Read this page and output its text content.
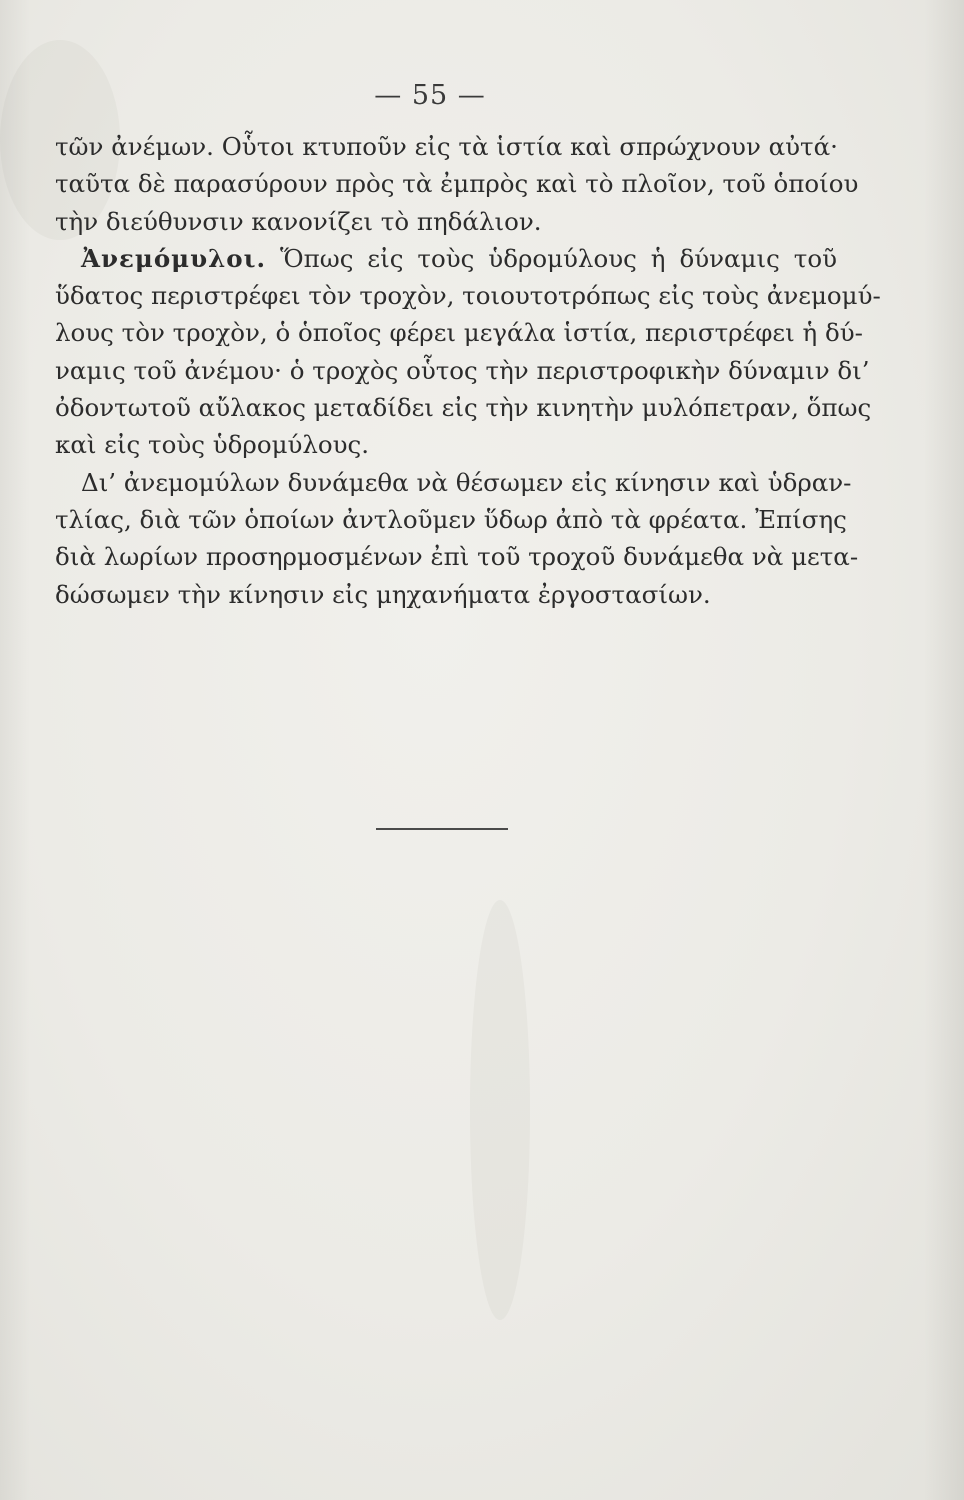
— 55 —
τῶν ἀνέμων. Οὗτοι κτυποῦν εἰς τὰ ἱστία καὶ σπρώχνουν αὐτά·
ταῦτα δὲ παρασύρουν πρὸς τὰ ἐμπρὸς καὶ τὸ πλοῖον, τοῦ ὁποίου
τὴν διεύθυνσιν κανονίζει τὸ πηδάλιον.
Ἀνεμόμυλοι. Ὅπως εἰς τοὺς ὑδρομύλους ἡ δύναμις τοῦ
ὕδατος περιστρέφει τὸν τροχὸν, τοιουτοτρόπως εἰς τοὺς ἀνεμομύ-
λους τὸν τροχὸν, ὁ ὁποῖος φέρει μεγάλα ἱστία, περιστρέφει ἡ δύ-
ναμις τοῦ ἀνέμου· ὁ τροχὸς οὗτος τὴν περιστροφικὴν δύναμιν δι’
ὀδοντωτοῦ αὔλακος μεταδίδει εἰς τὴν κινητὴν μυλόπετραν, ὅπως
καὶ εἰς τοὺς ὑδρομύλους.
Δι’ ἀνεμομύλων δυνάμεθα νὰ θέσωμεν εἰς κίνησιν καὶ ὑδραν-
τλίας, διὰ τῶν ὁποίων ἀντλοῦμεν ὕδωρ ἀπὸ τὰ φρέατα. Ἐπίσης
διὰ λωρίων προσηρμοσμένων ἐπὶ τοῦ τροχοῦ δυνάμεθα νὰ μετα-
δώσωμεν τὴν κίνησιν εἰς μηχανήματα ἐργοστασίων.
